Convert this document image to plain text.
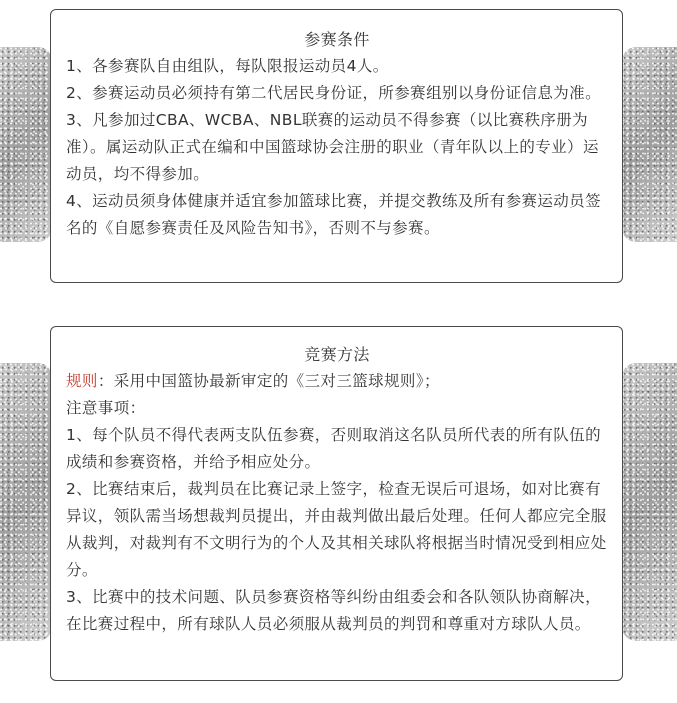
参赛条件

1、各参赛队自由组队，每队限报运动员4人。

2、参赛运动员必须持有第二代居民身份证，所参赛组别以身份证信息为准。

3、凡参加过CBA、WCBA、NBL联赛的运动员不得参赛（以比赛秩序册为准）。属运动队正式在编和中国篮球协会注册的职业（青年队以上的专业）运动员，均不得参加。

4、运动员须身体健康并适宜参加篮球比赛，并提交教练及所有参赛运动员签名的《自愿参赛责任及风险告知书》，否则不与参赛。

竞赛方法

规则：采用中国篮协最新审定的《三对三篮球规则》；

注意事项：

1、每个队员不得代表两支队伍参赛，否则取消这名队员所代表的所有队伍的成绩和参赛资格，并给予相应处分。

2、比赛结束后，裁判员在比赛记录上签字，检查无误后可退场，如对比赛有异议，领队需当场想裁判员提出，并由裁判做出最后处理。任何人都应完全服从裁判，对裁判有不文明行为的个人及其相关球队将根据当时情况受到相应处分。

3、比赛中的技术问题、队员参赛资格等纠纷由组委会和各队领队协商解决，在比赛过程中，所有球队人员必须服从裁判员的判罚和尊重对方球队人员。
